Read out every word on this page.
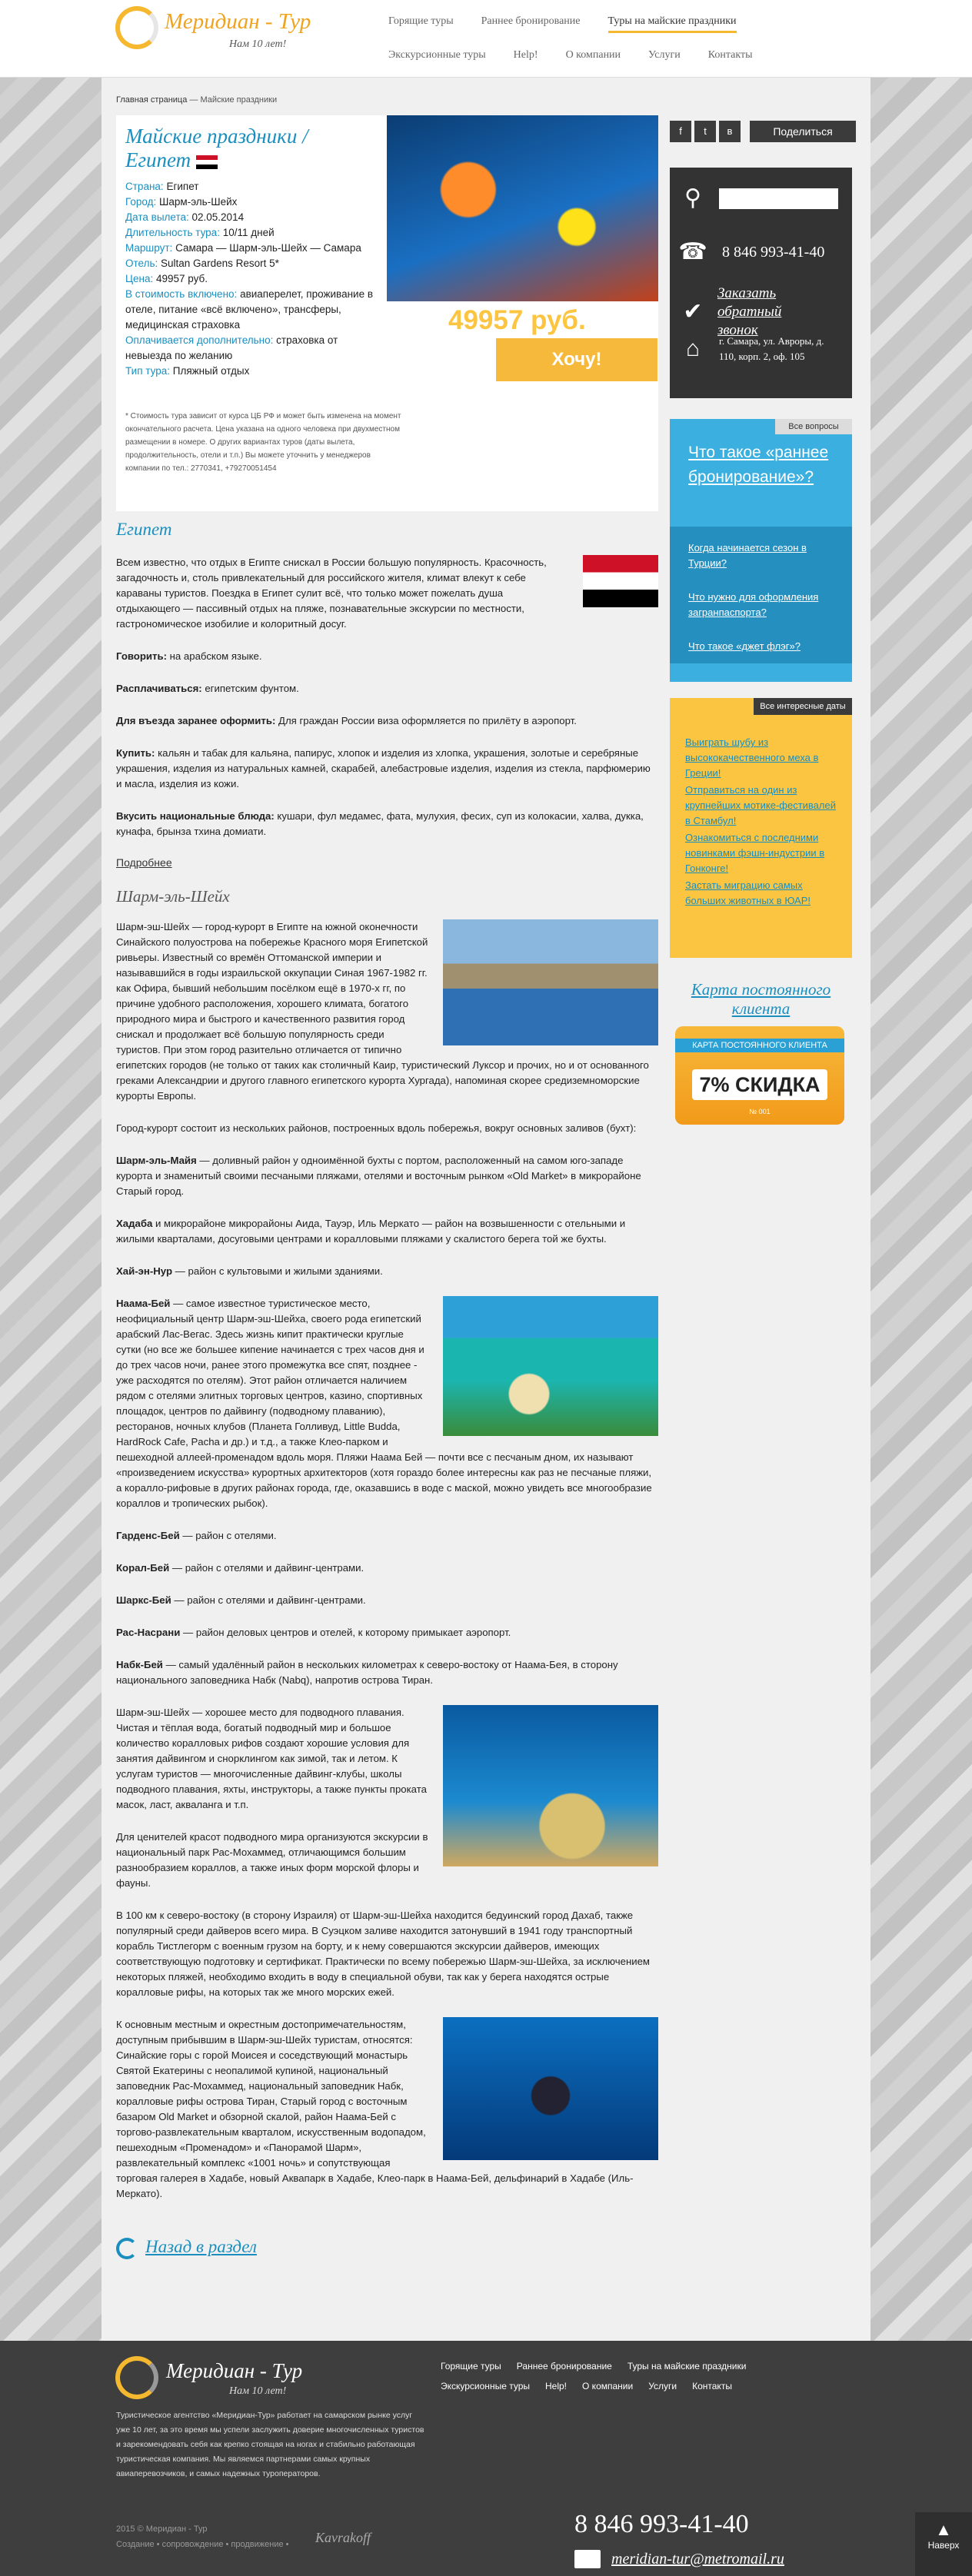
Меридиан - Тур
Нам 10 лет!
Горящие туры	Раннее бронирование	Туры на майские праздники
Экскурсионные туры	Help!	О компании	Услуги	Контакты
Главная страница — Майские праздники
Майские праздники / Египет
Страна: Египет
Город: Шарм-эль-Шейх
Дата вылета: 02.05.2014
Длительность тура: 10/11 дней
Маршрут: Самара — Шарм-эль-Шейх — Самара
Отель: Sultan Gardens Resort 5*
Цена: 49957 руб.
В стоимость включено: авиаперелет, проживание в отеле, питание «всё включено», трансферы, медицинская страховка
Оплачивается дополнительно: страховка от невыезда по желанию
Тип тура: Пляжный отдых
49957 руб.
Хочу!
* Стоимость тура зависит от курса ЦБ РФ и может быть изменена на момент окончательного расчета. Цена указана на одного человека при двухместном размещении в номере. О других вариантах туров (даты вылета, продолжительность, отели и т.п.) Вы можете уточнить у менеджеров компании по тел.: 2770341, +79270051454
f	t	в	Поделиться
⚲
☎ 8 846 993-41-40
✔
Заказать обратный звонок
⌂	г. Самара, ул. Авроры, д. 110, корп. 2, оф. 105
Все вопросы
Что такое «раннее бронирование»?
Когда начинается сезон в Турции?
Что нужно для оформления загранпаспорта?
Что такое «джет флэг»?
Все интересные даты
Выиграть шубу из высококачественного меха в Греции!
Отправиться на один из крупнейших мотике-фестивалей в Стамбул!
Ознакомиться с последними новинками фэшн-индустрии в Гонконге!
Застать миграцию самых больших животных в ЮАР!
Карта постоянного клиента
КАРТА ПОСТОЯННОГО КЛИЕНТА
7% СКИДКА
№ 001
Египет
Всем известно, что отдых в Египте снискал в России большую популярность. Красочность, загадочность и, столь привлекательный для российского жителя, климат влекут к себе караваны туристов. Поездка в Египет сулит всё, что только может пожелать душа отдыхающего — пассивный отдых на пляже, познавательные экскурсии по местности, гастрономическое изобилие и колоритный досуг.
Говорить: на арабском языке.
Расплачиваться: египетским фунтом.
Для въезда заранее оформить: Для граждан России виза оформляется по прилёту в аэропорт.
Купить: кальян и табак для кальяна, папирус, хлопок и изделия из хлопка, украшения, золотые и серебряные украшения, изделия из натуральных камней, скарабей, алебастровые изделия, изделия из стекла, парфюмерию и масла, изделия из кожи.
Вкусить национальные блюда: кушари, фул медамес, фата, мулухия, фесих, суп из колокасии, халва, дукка, кунафа, брынза тхина домиати.
Подробнее
Шарм-эль-Шейх
Шарм-эш-Шейх — город-курорт в Египте на южной оконечности Синайского полуострова на побережье Красного моря Египетской ривьеры. Известный со времён Оттоманской империи и называвшийся в годы израильской оккупации Синая 1967-1982 гг. как Офира, бывший небольшим посёлком ещё в 1970-х гг, по причине удобного расположения, хорошего климата, богатого природного мира и быстрого и качественного развития город снискал и продолжает всё большую популярность среди туристов. При этом город разительно отличается от типично египетских городов (не только от таких как столичный Каир, туристический Луксор и прочих, но и от основанного греками Александрии и другого главного египетского курорта Хургада), напоминая скорее средиземноморские курорты Европы.
Город-курорт состоит из нескольких районов, построенных вдоль побережья, вокруг основных заливов (бухт):
Шарм-эль-Майя — доливный район у одноимённой бухты с портом, расположенный на самом юго-западе курорта и знаменитый своими песчаными пляжами, отелями и восточным рынком «Old Market» в микрорайоне Старый город.
Хадаба и микрорайоне микрорайоны Аида, Тауэр, Иль Меркато — район на возвышенности с отельными и жилыми кварталами, досуговыми центрами и коралловыми пляжами у скалистого берега той же бухты.
Хай-эн-Нур — район с культовыми и жилыми зданиями.
Наама-Бей — самое известное туристическое место, неофициальный центр Шарм-эш-Шейха, своего рода египетский арабский Лас-Вегас. Здесь жизнь кипит практически круглые сутки (но все же большее кипение начинается с трех часов дня и до трех часов ночи, ранее этого промежутка все спят, позднее - уже расходятся по отелям). Этот район отличается наличием рядом с отелями элитных торговых центров, казино, спортивных площадок, центров по дайвингу (подводному плаванию), ресторанов, ночных клубов (Планета Голливуд, Little Budda, HardRock Cafe, Pacha и др.) и т.д., а также Клео-парком и пешеходной аллеей-променадом вдоль моря. Пляжи Наама Бей — почти все с песчаным дном, их называют «произведением искусства» курортных архитекторов (хотя гораздо более интересны как раз не песчаные пляжи, а коралло-рифовые в других районах города, где, оказавшись в воде с маской, можно увидеть все многообразие кораллов и тропических рыбок).
Гарденс-Бей — район с отелями.
Корал-Бей — район с отелями и дайвинг-центрами.
Шаркс-Бей — район с отелями и дайвинг-центрами.
Рас-Насрани — район деловых центров и отелей, к которому примыкает аэропорт.
Набк-Бей — самый удалённый район в нескольких километрах к северо-востоку от Наама-Бея, в сторону национального заповедника Набк (Nabq), напротив острова Тиран.
Шарм-эш-Шейх — хорошее место для подводного плавания. Чистая и тёплая вода, богатый подводный мир и большое количество коралловых рифов создают хорошие условия для занятия дайвингом и снорклингом как зимой, так и летом. К услугам туристов — многочисленные дайвинг-клубы, школы подводного плавания, яхты, инструкторы, а также пункты проката масок, ласт, акваланга и т.п.
Для ценителей красот подводного мира организуются экскурсии в национальный парк Рас-Мохаммед, отличающимся большим разнообразием кораллов, а также иных форм морской флоры и фауны.
В 100 км к северо-востоку (в сторону Израиля) от Шарм-эш-Шейха находится бедуинский город Дахаб, также популярный среди дайверов всего мира. В Суэцком заливе находится затонувший в 1941 году транспортный корабль Тистлегорм с военным грузом на борту, и к нему совершаются экскурсии дайверов, имеющих соответствующую подготовку и сертификат. Практически по всему побережью Шарм-эш-Шейха, за исключением некоторых пляжей, необходимо входить в воду в специальной обуви, так как у берега находятся острые коралловые рифы, на которых так же много морских ежей.
К основным местным и окрестным достопримечательностям, доступным прибывшим в Шарм-эш-Шейх туристам, относятся: Синайские горы с горой Моисея и соседствующий монастырь Святой Екатерины с неопалимой купиной, национальный заповедник Рас-Мохаммед, национальный заповедник Набк, коралловые рифы острова Тиран, Старый город с восточным базаром Old Market и обзорной скалой, район Наама-Бей с торгово-развлекательным кварталом, искусственным водопадом, пешеходным «Променадом» и «Панорамой Шарм», развлекательный комплекс «1001 ночь» и сопутствующая торговая галерея в Хадабе, новый Аквапарк в Хадабе, Клео-парк в Наама-Бей, дельфинарий в Хадабе (Иль-Меркато).
Назад в раздел
Меридиан - Тур
Нам 10 лет!
Туристическое агентство «Меридиан-Тур» работает на самарском рынке услуг уже 10 лет, за это время мы успели заслужить доверие многочисленных туристов и зарекомендовать себя как крепко стоящая на ногах и стабильно работающая туристическая компания. Мы являемся партнерами самых крупных авиаперевозчиков, и самых надежных туроператоров.
Горящие туры Раннее бронирование Туры на майские праздники
Экскурсионные туры Help! О компании Услуги Контакты
2015 © Меридиан - Тур
Создание • сопровождение • продвижение • Kavrakoff	8 846 993-41-40
meridian-tur@metromail.ru
▲
Наверх
